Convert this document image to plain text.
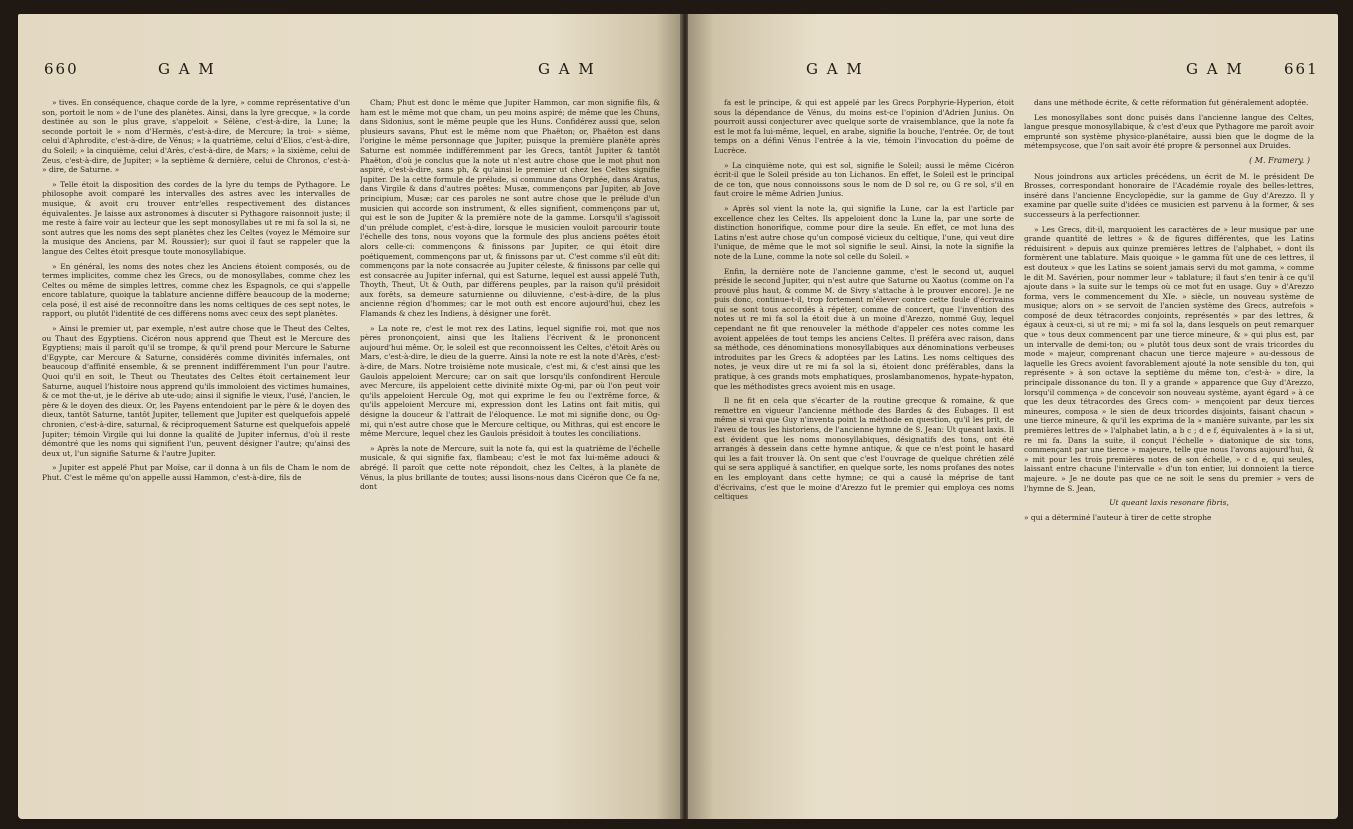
660	G A M	G A M

» tives. En conséquence, chaque corde de la lyre, » comme représentative d'un son, portoit le nom » de l'une des planètes. Ainsi, dans la lyre grecque, » la corde destinée au son le plus grave, s'appeloit » Sélène, c'est-à-dire, la Lune; la seconde portoit le » nom d'Hermès, c'est-à-dire, de Mercure; la troi- » sième, celui d'Aphrodite, c'est-à-dire, de Vénus; » la quatrième, celui d'Elios, c'est-à-dire, du Soleil; » la cinquième, celui d'Arès, c'est-à-dire, de Mars; » la sixième, celui de Zeus, c'est-à-dire, de Jupiter; » la septième & dernière, celui de Chronos, c'est-à- » dire, de Saturne. »

» Telle étoit la disposition des cordes de la lyre du temps de Pythagore. Le philosophe avoit comparé les intervalles des astres avec les intervalles de musique, & avoit cru trouver entr'elles respectivement des distances équivalentes. Je laisse aux astronomes à discuter si Pythagore raisonnoit juste; il me reste à faire voir au lecteur que les sept monosyllabes ut re mi fa sol la si, ne sont autres que les noms des sept planètes chez les Celtes (voyez le Mémoire sur la musique des Anciens, par M. Roussier); sur quoi il faut se rappeler que la langue des Celtes étoit presque toute monosyllabique.

» En général, les noms des notes chez les Anciens étoient composés, ou de termes implicites, comme chez les Grecs, ou de monosyllabes, comme chez les Celtes ou même de simples lettres, comme chez les Espagnols, ce qui s'appelle encore tablature, quoique la tablature ancienne diffère beaucoup de la moderne; cela posé, il est aisé de reconnoître dans les noms celtiques de ces sept notes, le rapport, ou plutôt l'identité de ces différens noms avec ceux des sept planètes.

» Ainsi le premier ut, par exemple, n'est autre chose que le Theut des Celtes, ou Thaut des Egyptiens. Cicéron nous apprend que Theut est le Mercure des Egyptiens; mais il paroît qu'il se trompe, & qu'il prend pour Mercure le Saturne d'Egypte, car Mercure & Saturne, considérés comme divinités infernales, ont beaucoup d'affinité ensemble, & se prennent indifféremment l'un pour l'autre. Quoi qu'il en soit, le Theut ou Theutates des Celtes étoit certainement leur Saturne, auquel l'histoire nous apprend qu'ils immoloient des victimes humaines, & ce mot the-ut, je le dérive ab ute-udo; ainsi il signifie le vieux, l'usé, l'ancien, le père & le doyen des dieux. Or, les Payens entendoient par le père & le doyen des dieux, tantôt Saturne, tantôt Jupiter, tellement que Jupiter est quelquefois appelé chronien, c'est-à-dire, saturnal, & réciproquement Saturne est quelquefois appelé Jupiter; témoin Virgile qui lui donne la qualité de Jupiter infernus, d'où il reste démontré que les noms qui signifient l'un, peuvent désigner l'autre; qu'ainsi des deux ut, l'un signifie Saturne & l'autre Jupiter.

» Jupiter est appelé Phut par Moïse, car il donna à un fils de Cham le nom de Phut. C'est le même qu'on appelle aussi Hammon, c'est-à-dire, fils de

Cham; Phut est donc le même que Jupiter Hammon, car mon signifie fils, & ham est le même mot que cham, un peu moins aspiré; de même que les Chuns, dans Sidonius, sont le même peuple que les Huns. Confidérez aussi que, selon plusieurs savans, Phut est le même nom que Phaëton; or, Phaëton est dans l'origine le même personnage que Jupiter, puisque la première planète après Saturne est nommée indifféremment par les Grecs, tantôt Jupiter & tantôt Phaëton, d'où je conclus que la note ut n'est autre chose que le mot phut non aspiré, c'est-à-dire, sans ph, & qu'ainsi le premier ut chez les Celtes signifie Jupiter. De la cette formule de prélude, si commune dans Orphée, dans Aratus, dans Virgile & dans d'autres poëtes: Musæ, commençons par Jupiter, ab Jove principium, Musæ; car ces paroles ne sont autre chose que le prélude d'un musicien qui accorde son instrument, & elles signifient, commençons par ut, qui est le son de Jupiter & la première note de la gamme. Lorsqu'il s'agissoit d'un prélude complet, c'est-à-dire, lorsque le musicien vouloit parcourir toute l'échelle des tons, nous voyons que la formule des plus anciens poëtes étoit alors celle-ci: commençons & finissons par Jupiter, ce qui étoit dire poétiquement, commençons par ut, & finissons par ut. C'est comme s'il eût dit: commençons par la note consacrée au Jupiter céleste, & finissons par celle qui est consacrée au Jupiter infernal, qui est Saturne, lequel est aussi appelé Tuth, Thoyth, Theut, Ut & Outh, par différens peuples, par la raison qu'il présidoit aux forêts, sa demeure saturnienne ou diluvienne, c'est-à-dire, de la plus ancienne région d'hommes; car le mot outh est encore aujourd'hui, chez les Flamands & chez les Indiens, à désigner une forêt.

» La note re, c'est le mot rex des Latins, lequel signifie roi, mot que nos pères prononçoient, ainsi que les Italiens l'écrivent & le prononcent aujourd'hui même. Or, le soleil est que reconnoissent les Celtes, c'étoit Arès ou Mars, c'est-à-dire, le dieu de la guerre. Ainsi la note re est la note d'Arès, c'est-à-dire, de Mars. Notre troisième note musicale, c'est mi, & c'est ainsi que les Gaulois appeloient Mercure; car on sait que lorsqu'ils confondirent Hercule avec Mercure, ils appeloient cette divinité mixte Og-mi, par où l'on peut voir qu'ils appeloient Hercule Og, mot qui exprime le feu ou l'extrême force, & qu'ils appeloient Mercure mi, expression dont les Latins ont fait mitis, qui désigne la douceur & l'attrait de l'éloquence. Le mot mi signifie donc, ou Og-mi, qui n'est autre chose que le Mercure celtique, ou Mithras, qui est encore le même Mercure, lequel chez les Gaulois présidoit à toutes les conciliations.

» Après la note de Mercure, suit la note fa, qui est la quatrième de l'échelle musicale, & qui signifie fax, flambeau; c'est le mot fax lui-même adouci & abrégé. Il paroît que cette note répondoit, chez les Celtes, à la planète de Vénus, la plus brillante de toutes; aussi lisons-nous dans Cicéron que Ce fa ne, dont

G A M	G A M	661

fa est le principe, & qui est appelé par les Grecs Porphyrie-Hyperion, étoit sous la dépendance de Vénus, du moins est-ce l'opinion d'Adrien Junius. On pourroit aussi conjecturer avec quelque sorte de vraisemblance, que la note fa est le mot fa lui-même, lequel, en arabe, signifie la bouche, l'entrée. Or, de tout temps on a défini Vénus l'entrée à la vie, témoin l'invocation du poëme de Lucrèce.

» La cinquième note, qui est sol, signifie le Soleil; aussi le même Cicéron écrit-il que le Soleil préside au ton Lichanos. En effet, le Soleil est le principal de ce ton, que nous connoissons sous le nom de D sol re, ou G re sol, s'il en faut croire le même Adrien Junius.

» Après sol vient la note la, qui signifie la Lune, car la est l'article par excellence chez les Celtes. Ils appeloient donc la Lune la, par une sorte de distinction honorifique, comme pour dire la seule. En effet, ce mot luna des Latins n'est autre chose qu'un composé vicieux du celtique, l'une, qui veut dire l'unique, de même que le mot sol signifie le seul. Ainsi, la note la signifie la note de la Lune, comme la note sol celle du Soleil. »

Enfin, la dernière note de l'ancienne gamme, c'est le second ut, auquel préside le second Jupiter, qui n'est autre que Saturne ou Xaotus (comme on l'a prouvé plus haut, & comme M. de Sivry s'attache à le prouver encore). Je ne puis donc, continue-t-il, trop fortement m'élever contre cette foule d'écrivains qui se sont tous accordés à répéter, comme de concert, que l'invention des notes ut re mi fa sol la étoit due à un moine d'Arezzo, nommé Guy, lequel cependant ne fit que renouveler la méthode d'appeler ces notes comme les avoient appelées de tout temps les anciens Celtes. Il préféra avec raison, dans sa méthode, ces dénominations monosyllabiques aux dénominations verbeuses introduites par les Grecs & adoptées par les Latins. Les noms celtiques des notes, je veux dire ut re mi fa sol la si, étoient donc préférables, dans la pratique, à ces grands mots emphatiques, proslambanomenos, hypate-hypaton, que les méthodistes grecs avoient mis en usage.

Il ne fit en cela que s'écarter de la routine grecque & romaine, & que remettre en vigueur l'ancienne méthode des Bardes & des Eubages. Il est même si vrai que Guy n'inventa point la méthode en question, qu'il les prit, de l'aveu de tous les historiens, de l'ancienne hymne de S. Jean: Ut queant laxis. Il est évident que les noms monosyllabiques, désignatifs des tons, ont été arrangés à dessein dans cette hymne antique, & que ce n'est point le hasard qui les a fait trouver là. On sent que c'est l'ouvrage de quelque chrétien zélé qui se sera appliqué à sanctifier, en quelque sorte, les noms profanes des notes en les employant dans cette hymne; ce qui a causé la méprise de tant d'écrivains, c'est que le moine d'Arezzo fut le premier qui employa ces noms celtiques

dans une méthode écrite, & cette réformation fut généralement adoptée.

Les monosyllabes sont donc puisés dans l'ancienne langue des Celtes, langue presque monosyllabique, & c'est d'eux que Pythagore me paroît avoir emprunté son système physico-planétaire, aussi bien que le dogme de la métempsycose, que l'on sait avoir été propre & personnel aux Druides.

( M. Framery. )

Nous joindrons aux articles précédens, un écrit de M. le président De Brosses, correspondant honoraire de l'Académie royale des belles-lettres, inséré dans l'ancienne Encyclopédie, sur la gamme de Guy d'Arezzo. Il y examine par quelle suite d'idées ce musicien est parvenu à la former, & ses successeurs à la perfectionner.

» Les Grecs, dit-il, marquoient les caractères de » leur musique par une grande quantité de lettres » & de figures différentes, que les Latins réduisirent » depuis aux quinze premières lettres de l'alphabet, » dont ils formèrent une tablature. Mais quoique » le gamma fût une de ces lettres, il est douteux » que les Latins se soient jamais servi du mot gamma, » comme le dit M. Savérien, pour nommer leur » tablature; il faut s'en tenir à ce qu'il ajoute dans » la suite sur le temps où ce mot fut en usage. Guy » d'Arezzo forma, vers le commencement du XIe. » siècle, un nouveau système de musique; alors on » se servoit de l'ancien système des Grecs, autrefois » composé de deux tétracordes conjoints, représentés » par des lettres, & égaux à ceux-ci, si ut re mi; » mi fa sol la, dans lesquels on peut remarquer que » tous deux commencent par une tierce mineure, & » qui plus est, par un intervalle de demi-ton; ou » plutôt tous deux sont de vrais tricordes du mode » majeur, comprenant chacun une tierce majeure » au-dessous de laquelle les Grecs avoient favorablement ajouté la note sensible du ton, qui représente » à son octave la septième du même ton, c'est-à- » dire, la principale dissonance du ton. Il y a grande » apparence que Guy d'Arezzo, lorsqu'il commença » de concevoir son nouveau système, ayant égard » à ce que les deux tétracordes des Grecs com- » mençoient par deux tierces mineures, composa » le sien de deux tricordes disjoints, faisant chacun » une tierce mineure, & qu'il les exprima de la » manière suivante, par les six premières lettres de » l'alphabet latin, a b c ; d e f, équivalentes à » la si ut, re mi fa. Dans la suite, il conçut l'échelle » diatonique de six tons, commençant par une tierce » majeure, telle que nous l'avons aujourd'hui, & » mit pour les trois premières notes de son échelle, » c d e, qui seules, laissant entre chacune l'intervalle » d'un ton entier, lui donnoient la tierce majeure. » Je ne doute pas que ce ne soit le sens du premier » vers de l'hymne de S. Jean,

Ut queant laxis resonare fibris,

» qui a déterminé l'auteur à tirer de cette strophe
